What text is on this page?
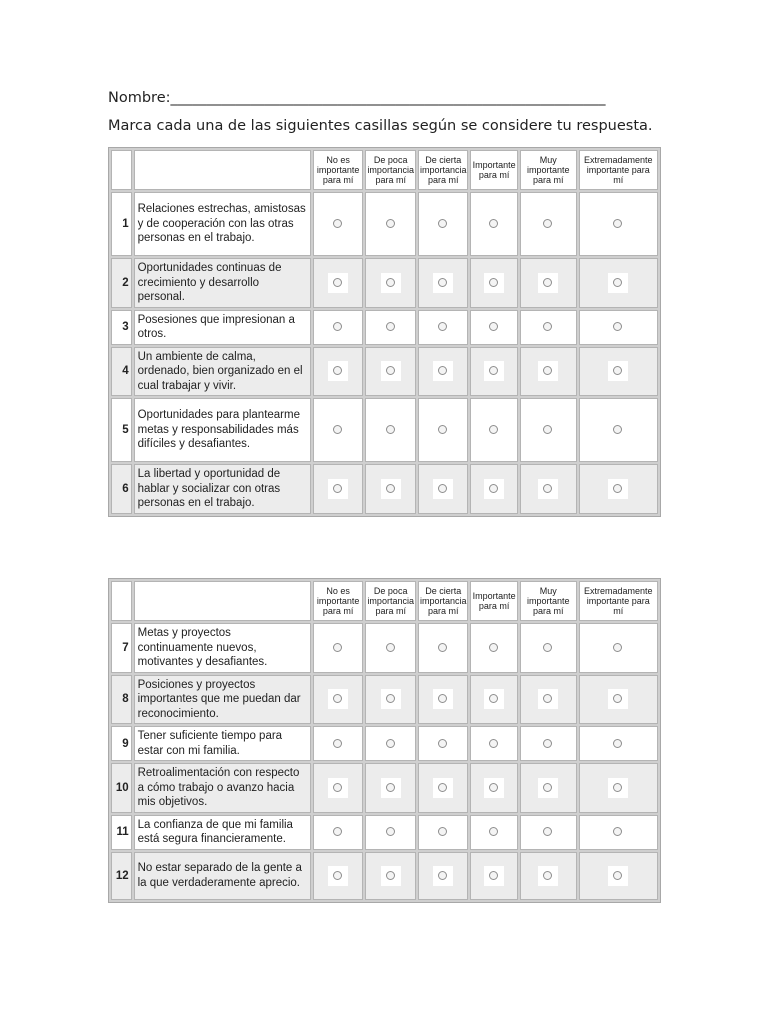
Nombre:____________________________________________________________
Marca cada una de las siguientes casillas según se considere tu respuesta.
		No es importante para mí	De poca importancia para mí	De cierta importancia para mí	Importante para mí	Muy importante para mí	Extremadamente importante para mí
1	Relaciones estrechas, amistosas y de cooperación con las otras personas en el trabajo.	

2	Oportunidades continuas de crecimiento y desarrollo personal.	

3	Posesiones que impresionan a otros.	

4	Un ambiente de calma, ordenado, bien organizado en el cual trabajar y vivir.	

5	Oportunidades para plantearme metas y responsabilidades más difíciles y desafiantes.	

6	La libertad y oportunidad de hablar y socializar con otras personas en el trabajo.	

		No es importante para mí	De poca importancia para mí	De cierta importancia para mí	Importante para mí	Muy importante para mí	Extremadamente importante para mí
7	Metas y proyectos continuamente nuevos, motivantes y desafiantes.	

8	Posiciones y proyectos importantes que me puedan dar reconocimiento.	

9	Tener suficiente tiempo para estar con mi familia.	

10	Retroalimentación con respecto a cómo trabajo o avanzo hacia mis objetivos.	

11	La confianza de que mi familia está segura financieramente.	

12	No estar separado de la gente a la que verdaderamente aprecio.	
